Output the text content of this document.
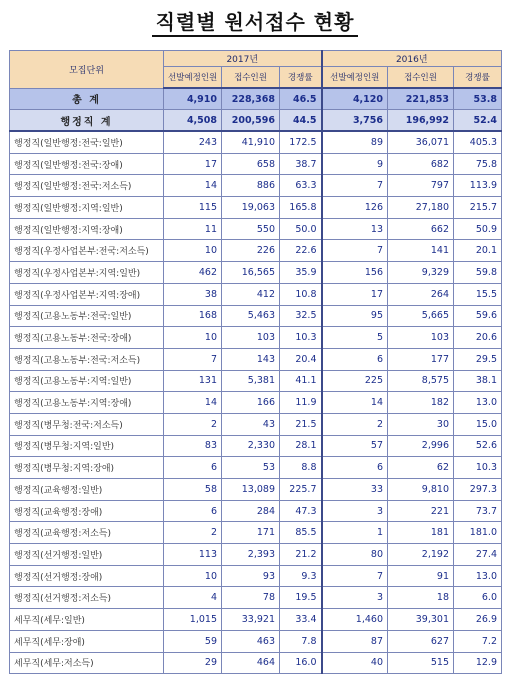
직렬별 원서접수 현황
모집단위	2017년			2016년		
	선발예정인원	접수인원	경쟁률	선발예정인원	접수인원	경쟁률
총 계	4,910	228,368	46.5	4,120	221,853	53.8
행정직 계	4,508	200,596	44.5	3,756	196,992	52.4
행정직(일반행정:전국:일반)	243	41,910	172.5	89	36,071	405.3
행정직(일반행정:전국:장애)	17	658	38.7	9	682	75.8
행정직(일반행정:전국:저소득)	14	886	63.3	7	797	113.9
행정직(일반행정:지역:일반)	115	19,063	165.8	126	27,180	215.7
행정직(일반행정:지역:장애)	11	550	50.0	13	662	50.9
행정직(우정사업본부:전국:저소득)	10	226	22.6	7	141	20.1
행정직(우정사업본부:지역:일반)	462	16,565	35.9	156	9,329	59.8
행정직(우정사업본부:지역:장애)	38	412	10.8	17	264	15.5
행정직(고용노동부:전국:일반)	168	5,463	32.5	95	5,665	59.6
행정직(고용노동부:전국:장애)	10	103	10.3	5	103	20.6
행정직(고용노동부:전국:저소득)	7	143	20.4	6	177	29.5
행정직(고용노동부:지역:일반)	131	5,381	41.1	225	8,575	38.1
행정직(고용노동부:지역:장애)	14	166	11.9	14	182	13.0
행정직(병무청:전국:저소득)	2	43	21.5	2	30	15.0
행정직(병무청:지역:일반)	83	2,330	28.1	57	2,996	52.6
행정직(병무청:지역:장애)	6	53	8.8	6	62	10.3
행정직(교육행정:일반)	58	13,089	225.7	33	9,810	297.3
행정직(교육행정:장애)	6	284	47.3	3	221	73.7
행정직(교육행정:저소득)	2	171	85.5	1	181	181.0
행정직(선거행정:일반)	113	2,393	21.2	80	2,192	27.4
행정직(선거행정:장애)	10	93	9.3	7	91	13.0
행정직(선거행정:저소득)	4	78	19.5	3	18	6.0
세무직(세무:일반)	1,015	33,921	33.4	1,460	39,301	26.9
세무직(세무:장애)	59	463	7.8	87	627	7.2
세무직(세무:저소득)	29	464	16.0	40	515	12.9
